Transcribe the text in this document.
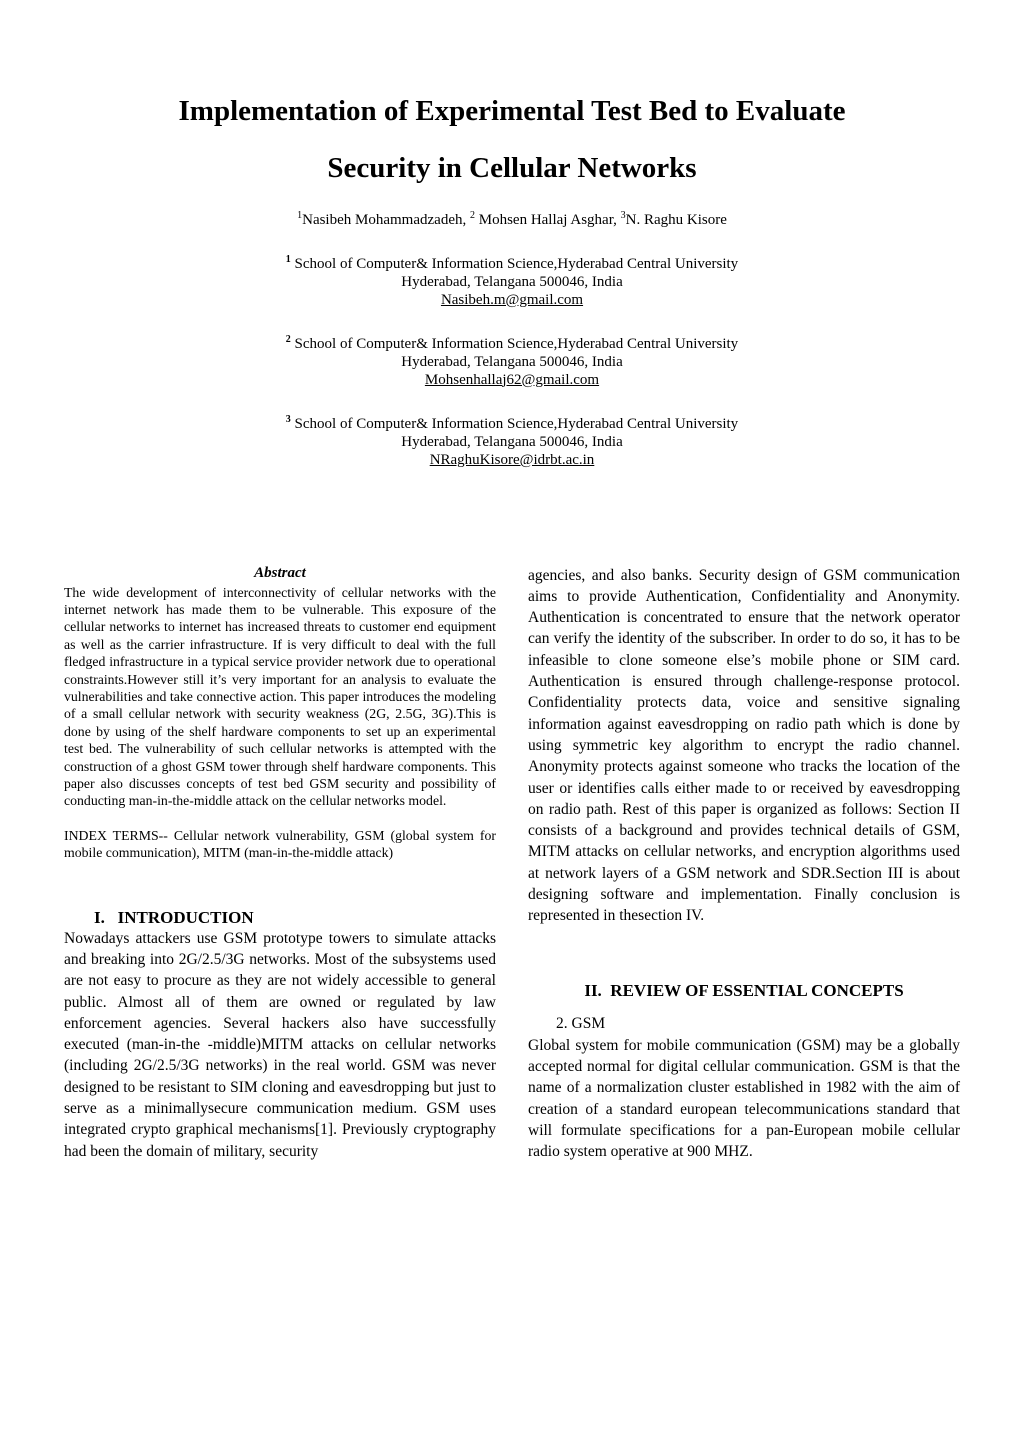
Implementation of Experimental Test Bed to Evaluate
Security in Cellular Networks
$^1$Nasibeh Mohammadzadeh, $^2$ Mohsen Hallaj Asghar, $^3$N. Raghu Kisore
$^1$ School of Computer& Information Science,Hyderabad Central University
Hyderabad, Telangana 500046, India
Nasibeh.m@gmail.com
$^2$ School of Computer& Information Science,Hyderabad Central University
Hyderabad, Telangana 500046, India
Mohsenhallaj62@gmail.com
$^3$ School of Computer& Information Science,Hyderabad Central University
Hyderabad, Telangana 500046, India
NRaghuKisore@idrbt.ac.in
Abstract
The wide development of interconnectivity of cellular networks with the internet network has made them to be vulnerable. This exposure of the cellular networks to internet has increased threats to customer end equipment as well as the carrier infrastructure. If is very difficult to deal with the full fledged infrastructure in a typical service provider network due to operational constraints.However still it’s very important for an analysis to evaluate the vulnerabilities and take connective action. This paper introduces the modeling of a small cellular network with security weakness (2G, 2.5G, 3G).This is done by using of the shelf hardware components to set up an experimental test bed. The vulnerability of such cellular networks is attempted with the construction of a ghost GSM tower through shelf hardware components. This paper also discusses concepts of test bed GSM security and possibility of conducting man-in-the-middle attack on the cellular networks model.
INDEX TERMS-- Cellular network vulnerability, GSM (global system for mobile communication), MITM (man-in-the-middle attack)
I.   INTRODUCTION
Nowadays attackers use GSM prototype towers to simulate attacks and breaking into 2G/2.5/3G networks. Most of the subsystems used are not easy to procure as they are not widely accessible to general public. Almost all of them are owned or regulated by law enforcement agencies. Several hackers also have successfully executed (man-in-the -middle)MITM attacks on cellular networks (including 2G/2.5/3G networks) in the real world. GSM was never designed to be resistant to SIM cloning and eavesdropping but just to serve as a minimallysecure communication medium. GSM uses integrated crypto graphical mechanisms[1]. Previously cryptography had been the domain of military, security
agencies, and also banks. Security design of GSM communication aims to provide Authentication, Confidentiality and Anonymity. Authentication is concentrated to ensure that the network operator can verify the identity of the subscriber. In order to do so, it has to be infeasible to clone someone else’s mobile phone or SIM card. Authentication is ensured through challenge-response protocol. Confidentiality protects data, voice and sensitive signaling information against eavesdropping on radio path which is done by using symmetric key algorithm to encrypt the radio channel. Anonymity protects against someone who tracks the location of the user or identifies calls either made to or received by eavesdropping on radio path. Rest of this paper is organized as follows: Section II consists of a background and provides technical details of GSM, MITM attacks on cellular networks, and encryption algorithms used at network layers of a GSM network and SDR.Section III is about designing software and implementation. Finally conclusion is represented in thesection IV.
II.  REVIEW OF ESSENTIAL CONCEPTS
2. GSM
Global system for mobile communication (GSM) may be a globally accepted normal for digital cellular communication. GSM is that the name of a normalization cluster established in 1982 with the aim of creation of a standard european telecommunications standard that will formulate specifications for a pan-European mobile cellular radio system operative at 900 MHZ.
